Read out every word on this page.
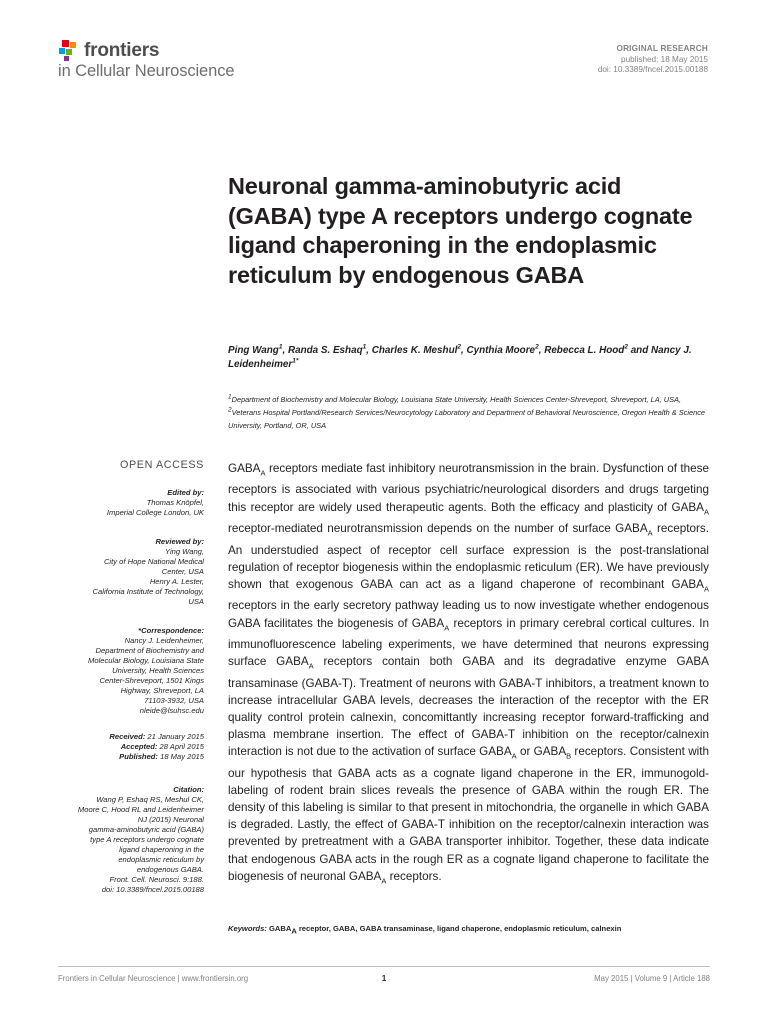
frontiers
in Cellular Neuroscience
ORIGINAL RESEARCH
published: 18 May 2015
doi: 10.3389/fncel.2015.00188
Neuronal gamma-aminobutyric acid (GABA) type A receptors undergo cognate ligand chaperoning in the endoplasmic reticulum by endogenous GABA
Ping Wang$^1$, Randa S. Eshaq$^1$, Charles K. Meshul$^2$, Cynthia Moore$^2$, Rebecca L. Hood$^2$ and Nancy J. Leidenheimer$^{1*}$
$^1$Department of Biochemistry and Molecular Biology, Louisiana State University, Health Sciences Center-Shreveport, Shreveport, LA, USA, $^2$Veterans Hospital Portland/Research Services/Neurocytology Laboratory and Department of Behavioral Neuroscience, Oregon Health & Science University, Portland, OR, USA
OPEN ACCESS
Edited by:
Thomas Knöpfel,
Imperial College London, UK
Reviewed by:
Ying Wang,
City of Hope National Medical
Center, USA
Henry A. Lester,
California Institute of Technology,
USA
*Correspondence:
Nancy J. Leidenheimer,
Department of Biochemistry and
Molecular Biology, Louisiana State
University, Health Sciences
Center-Shreveport, 1501 Kings
Highway, Shreveport, LA
71103-3932, USA
nleide@lsuhsc.edu

Received: 21 January 2015

Accepted: 28 April 2015

Published: 18 May 2015

Citation:
Wang P, Eshaq RS, Meshul CK,
Moore C, Hood RL and Leidenheimer
NJ (2015) Neuronal
gamma-aminobutyric acid (GABA)
type A receptors undergo cognate
ligand chaperoning in the
endoplasmic reticulum by
endogenous GABA.
Front. Cell. Neurosci. 9:188.
doi: 10.3389/fncel.2015.00188

$GABA_A$ receptors mediate fast inhibitory neurotransmission in the brain. Dysfunction of these receptors is associated with various psychiatric/neurological disorders and drugs targeting this receptor are widely used therapeutic agents. Both the efficacy and plasticity of $GABA_A$ receptor-mediated neurotransmission depends on the number of surface $GABA_A$ receptors. An understudied aspect of receptor cell surface expression is the post-translational regulation of receptor biogenesis within the endoplasmic reticulum (ER). We have previously shown that exogenous GABA can act as a ligand chaperone of recombinant $GABA_A$ receptors in the early secretory pathway leading us to now investigate whether endogenous GABA facilitates the biogenesis of $GABA_A$ receptors in primary cerebral cortical cultures. In immunofluorescence labeling experiments, we have determined that neurons expressing surface $GABA_A$ receptors contain both GABA and its degradative enzyme GABA transaminase (GABA-T). Treatment of neurons with GABA-T inhibitors, a treatment known to increase intracellular GABA levels, decreases the interaction of the receptor with the ER quality control protein calnexin, concomittantly increasing receptor forward-trafficking and plasma membrane insertion. The effect of GABA-T inhibition on the receptor/calnexin interaction is not due to the activation of surface $GABA_A$ or $GABA_B$ receptors. Consistent with our hypothesis that GABA acts as a cognate ligand chaperone in the ER, immunogold-labeling of rodent brain slices reveals the presence of GABA within the rough ER. The density of this labeling is similar to that present in mitochondria, the organelle in which GABA is degraded. Lastly, the effect of GABA-T inhibition on the receptor/calnexin interaction was prevented by pretreatment with a GABA transporter inhibitor. Together, these data indicate that endogenous GABA acts in the rough ER as a cognate ligand chaperone to facilitate the biogenesis of neuronal $GABA_A$ receptors.

Keywords: $GABA_A$ receptor, GABA, GABA transaminase, ligand chaperone, endoplasmic reticulum, calnexin
Frontiers in Cellular Neuroscience | www.frontiersin.org	1	May 2015 | Volume 9 | Article 188
